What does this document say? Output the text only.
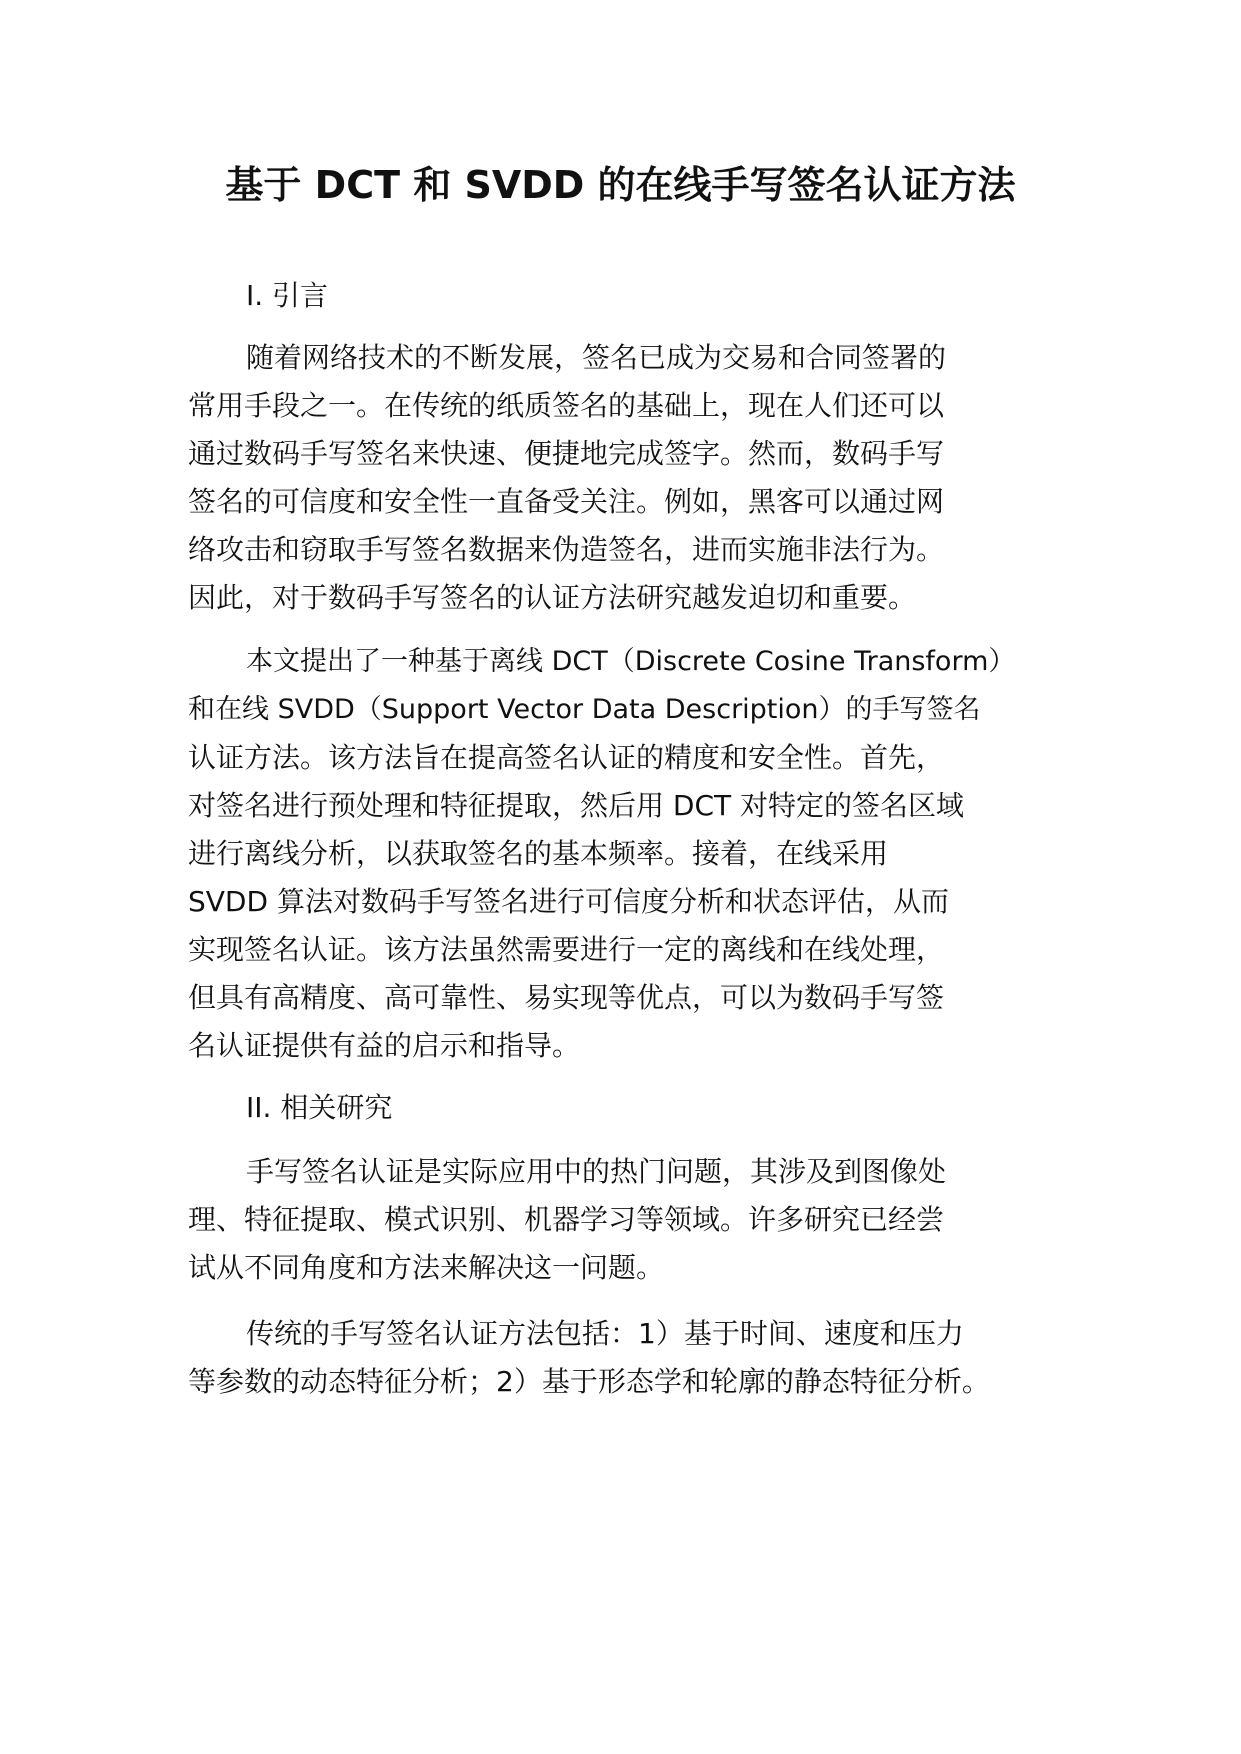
基于 DCT 和 SVDD 的在线手写签名认证方法
I. 引言
随着网络技术的不断发展，签名已成为交易和合同签署的
常用手段之一。在传统的纸质签名的基础上，现在人们还可以
通过数码手写签名来快速、便捷地完成签字。然而，数码手写
签名的可信度和安全性一直备受关注。例如，黑客可以通过网
络攻击和窃取手写签名数据来伪造签名，进而实施非法行为。
因此，对于数码手写签名的认证方法研究越发迫切和重要。
本文提出了一种基于离线 DCT（Discrete Cosine Transform）
和在线 SVDD（Support Vector Data Description）的手写签名
认证方法。该方法旨在提高签名认证的精度和安全性。首先，
对签名进行预处理和特征提取，然后用 DCT 对特定的签名区域
进行离线分析，以获取签名的基本频率。接着，在线采用
SVDD 算法对数码手写签名进行可信度分析和状态评估，从而
实现签名认证。该方法虽然需要进行一定的离线和在线处理，
但具有高精度、高可靠性、易实现等优点，可以为数码手写签
名认证提供有益的启示和指导。
II. 相关研究
手写签名认证是实际应用中的热门问题，其涉及到图像处
理、特征提取、模式识别、机器学习等领域。许多研究已经尝
试从不同角度和方法来解决这一问题。
传统的手写签名认证方法包括：1）基于时间、速度和压力
等参数的动态特征分析；2）基于形态学和轮廓的静态特征分析。
